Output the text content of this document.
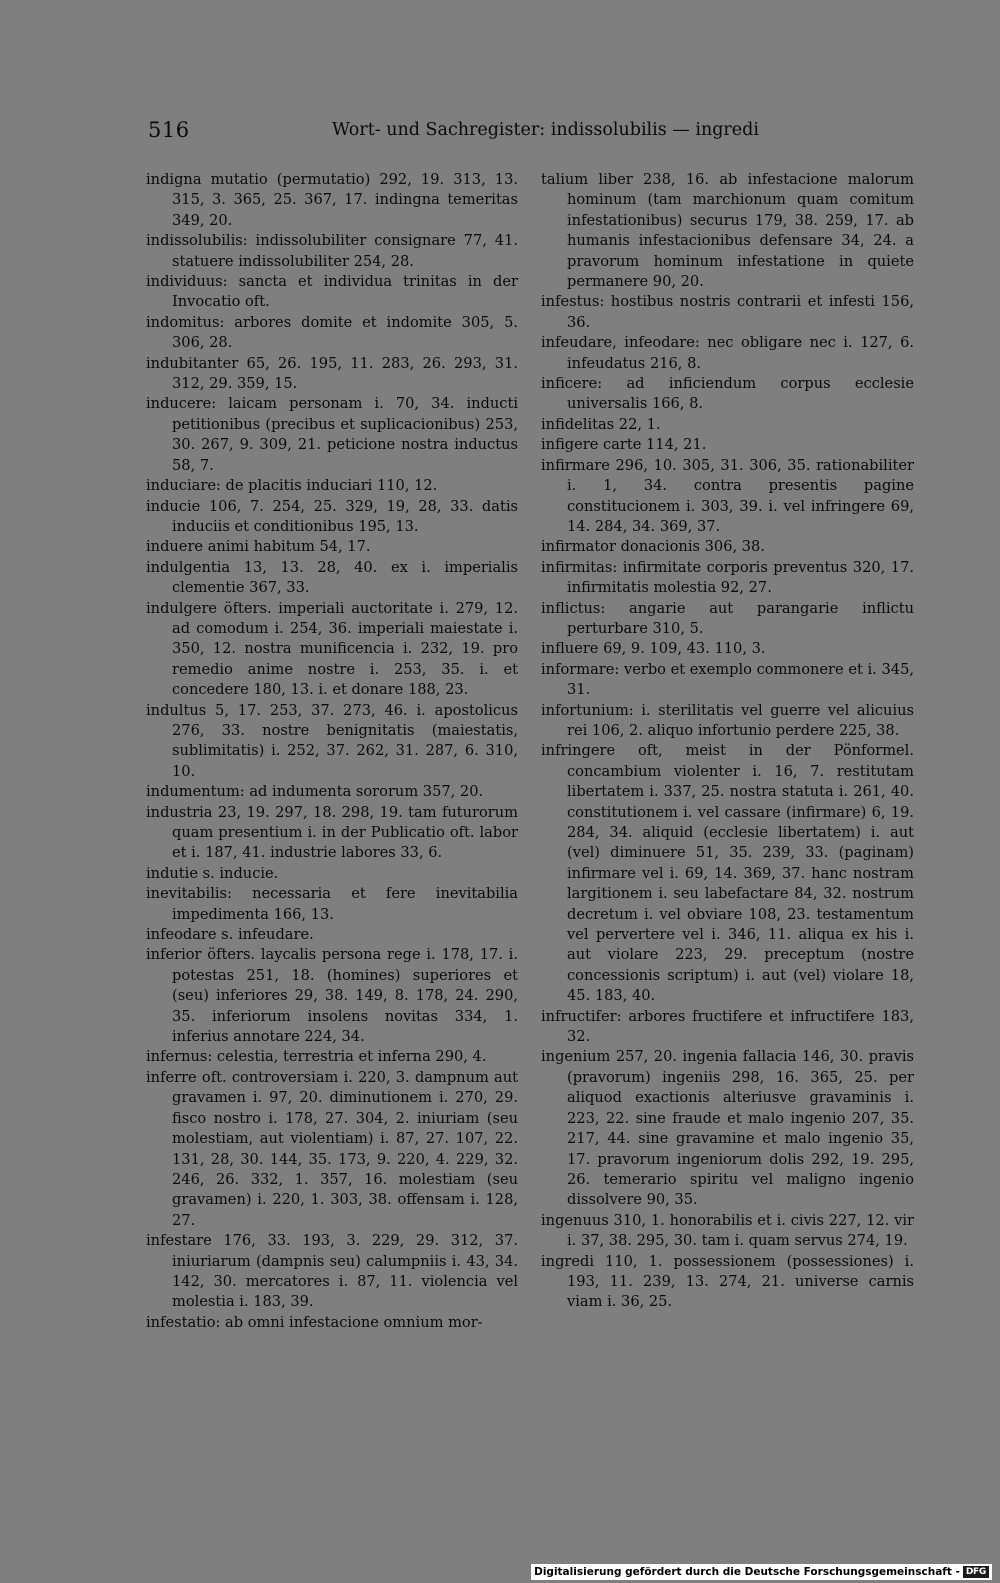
516	Wort- und Sachregister: indissolubilis — ingredi

indigna mutatio (permutatio) 292, 19. 313, 13. 315, 3. 365, 25. 367, 17. indingna temeritas 349, 20.

indissolubilis: indissolubiliter consignare 77, 41. statuere indissolubiliter 254, 28.

individuus: sancta et individua trinitas in der Invocatio oft.

indomitus: arbores domite et indomite 305, 5. 306, 28.

indubitanter 65, 26. 195, 11. 283, 26. 293, 31. 312, 29. 359, 15.

inducere: laicam personam i. 70, 34. inducti petitionibus (precibus et suplicacionibus) 253, 30. 267, 9. 309, 21. peticione nostra inductus 58, 7.

induciare: de placitis induciari 110, 12.

inducie 106, 7. 254, 25. 329, 19, 28, 33. datis induciis et conditionibus 195, 13.

induere animi habitum 54, 17.

indulgentia 13, 13. 28, 40. ex i. imperialis clementie 367, 33.

indulgere öfters. imperiali auctoritate i. 279, 12. ad comodum i. 254, 36. imperiali maiestate i. 350, 12. nostra munificencia i. 232, 19. pro remedio anime nostre i. 253, 35. i. et concedere 180, 13. i. et donare 188, 23.

indultus 5, 17. 253, 37. 273, 46. i. apostolicus 276, 33. nostre benignitatis (maiestatis, sublimitatis) i. 252, 37. 262, 31. 287, 6. 310, 10.

indumentum: ad indumenta sororum 357, 20.

industria 23, 19. 297, 18. 298, 19. tam futurorum quam presentium i. in der Publicatio oft. labor et i. 187, 41. industrie labores 33, 6.

indutie s. inducie.

inevitabilis: necessaria et fere inevitabilia impedimenta 166, 13.

infeodare s. infeudare.

inferior öfters. laycalis persona rege i. 178, 17. i. potestas 251, 18. (homines) superiores et (seu) inferiores 29, 38. 149, 8. 178, 24. 290, 35. inferiorum insolens novitas 334, 1. inferius annotare 224, 34.

infernus: celestia, terrestria et inferna 290, 4.

inferre oft. controversiam i. 220, 3. dampnum aut gravamen i. 97, 20. diminutionem i. 270, 29. fisco nostro i. 178, 27. 304, 2. iniuriam (seu molestiam, aut violentiam) i. 87, 27. 107, 22. 131, 28, 30. 144, 35. 173, 9. 220, 4. 229, 32. 246, 26. 332, 1. 357, 16. molestiam (seu gravamen) i. 220, 1. 303, 38. offensam i. 128, 27.

infestare 176, 33. 193, 3. 229, 29. 312, 37. iniuriarum (dampnis seu) calumpniis i. 43, 34. 142, 30. mercatores i. 87, 11. violencia vel molestia i. 183, 39.

infestatio: ab omni infestacione omnium mor-

talium liber 238, 16. ab infestacione malorum hominum (tam marchionum quam comitum infestationibus) securus 179, 38. 259, 17. ab humanis infestacionibus defensare 34, 24. a pravorum hominum infestatione in quiete permanere 90, 20.

infestus: hostibus nostris contrarii et infesti 156, 36.

infeudare, infeodare: nec obligare nec i. 127, 6. infeudatus 216, 8.

inficere: ad inficiendum corpus ecclesie universalis 166, 8.

infidelitas 22, 1.

infigere carte 114, 21.

infirmare 296, 10. 305, 31. 306, 35. rationabiliter i. 1, 34. contra presentis pagine constitucionem i. 303, 39. i. vel infringere 69, 14. 284, 34. 369, 37.

infirmator donacionis 306, 38.

infirmitas: infirmitate corporis preventus 320, 17. infirmitatis molestia 92, 27.

inflictus: angarie aut parangarie inflictu perturbare 310, 5.

influere 69, 9. 109, 43. 110, 3.

informare: verbo et exemplo commonere et i. 345, 31.

infortunium: i. sterilitatis vel guerre vel alicuius rei 106, 2. aliquo infortunio perdere 225, 38.

infringere oft, meist in der Pönformel. concambium violenter i. 16, 7. restitutam libertatem i. 337, 25. nostra statuta i. 261, 40. constitutionem i. vel cassare (infirmare) 6, 19. 284, 34. aliquid (ecclesie libertatem) i. aut (vel) diminuere 51, 35. 239, 33. (paginam) infirmare vel i. 69, 14. 369, 37. hanc nostram largitionem i. seu labefactare 84, 32. nostrum decretum i. vel obviare 108, 23. testamentum vel pervertere vel i. 346, 11. aliqua ex his i. aut violare 223, 29. preceptum (nostre concessionis scriptum) i. aut (vel) violare 18, 45. 183, 40.

infructifer: arbores fructifere et infructifere 183, 32.

ingenium 257, 20. ingenia fallacia 146, 30. pravis (pravorum) ingeniis 298, 16. 365, 25. per aliquod exactionis alteriusve gravaminis i. 223, 22. sine fraude et malo ingenio 207, 35. 217, 44. sine gravamine et malo ingenio 35, 17. pravorum ingeniorum dolis 292, 19. 295, 26. temerario spiritu vel maligno ingenio dissolvere 90, 35.

ingenuus 310, 1. honorabilis et i. civis 227, 12. vir i. 37, 38. 295, 30. tam i. quam servus 274, 19.

ingredi 110, 1. possessionem (possessiones) i. 193, 11. 239, 13. 274, 21. universe carnis viam i. 36, 25.

Digitalisierung gefördert durch die Deutsche Forschungsgemeinschaft - DFG
